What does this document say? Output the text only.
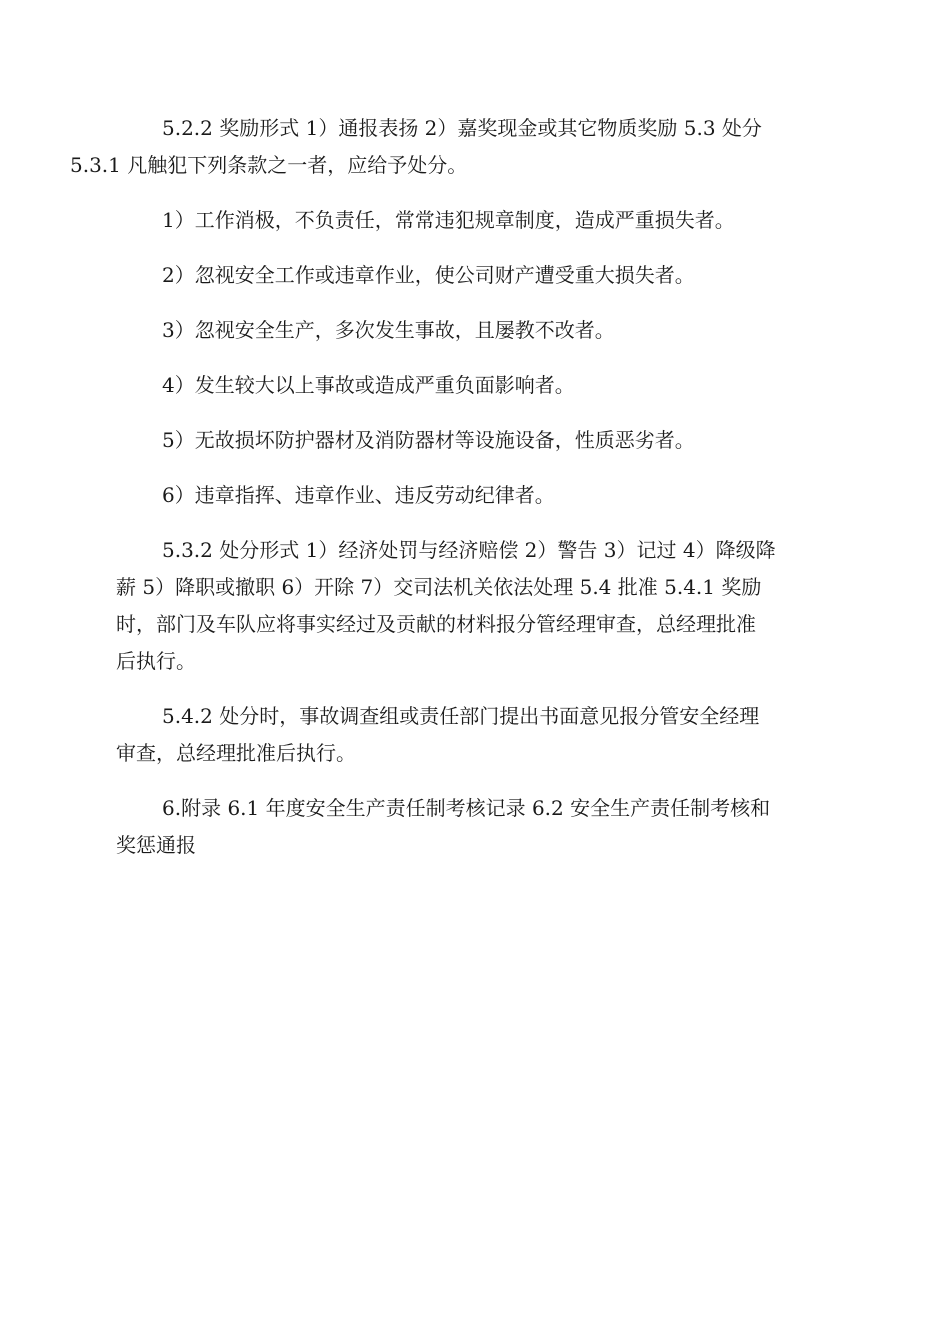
5.2.2 奖励形式 1）通报表扬 2）嘉奖现金或其它物质奖励 5.3 处分
5.3.1 凡触犯下列条款之一者，应给予处分。

1）工作消极，不负责任，常常违犯规章制度，造成严重损失者。

2）忽视安全工作或违章作业，使公司财产遭受重大损失者。

3）忽视安全生产，多次发生事故，且屡教不改者。

4）发生较大以上事故或造成严重负面影响者。

5）无故损坏防护器材及消防器材等设施设备，性质恶劣者。

6）违章指挥、违章作业、违反劳动纪律者。

5.3.2 处分形式 1）经济处罚与经济赔偿 2）警告 3）记过 4）降级降
薪 5）降职或撤职 6）开除 7）交司法机关依法处理 5.4 批准 5.4.1 奖励
时，部门及车队应将事实经过及贡献的材料报分管经理审查，总经理批准
后执行。

5.4.2 处分时，事故调查组或责任部门提出书面意见报分管安全经理
审查，总经理批准后执行。

6.附录 6.1 年度安全生产责任制考核记录 6.2 安全生产责任制考核和
奖惩通报
